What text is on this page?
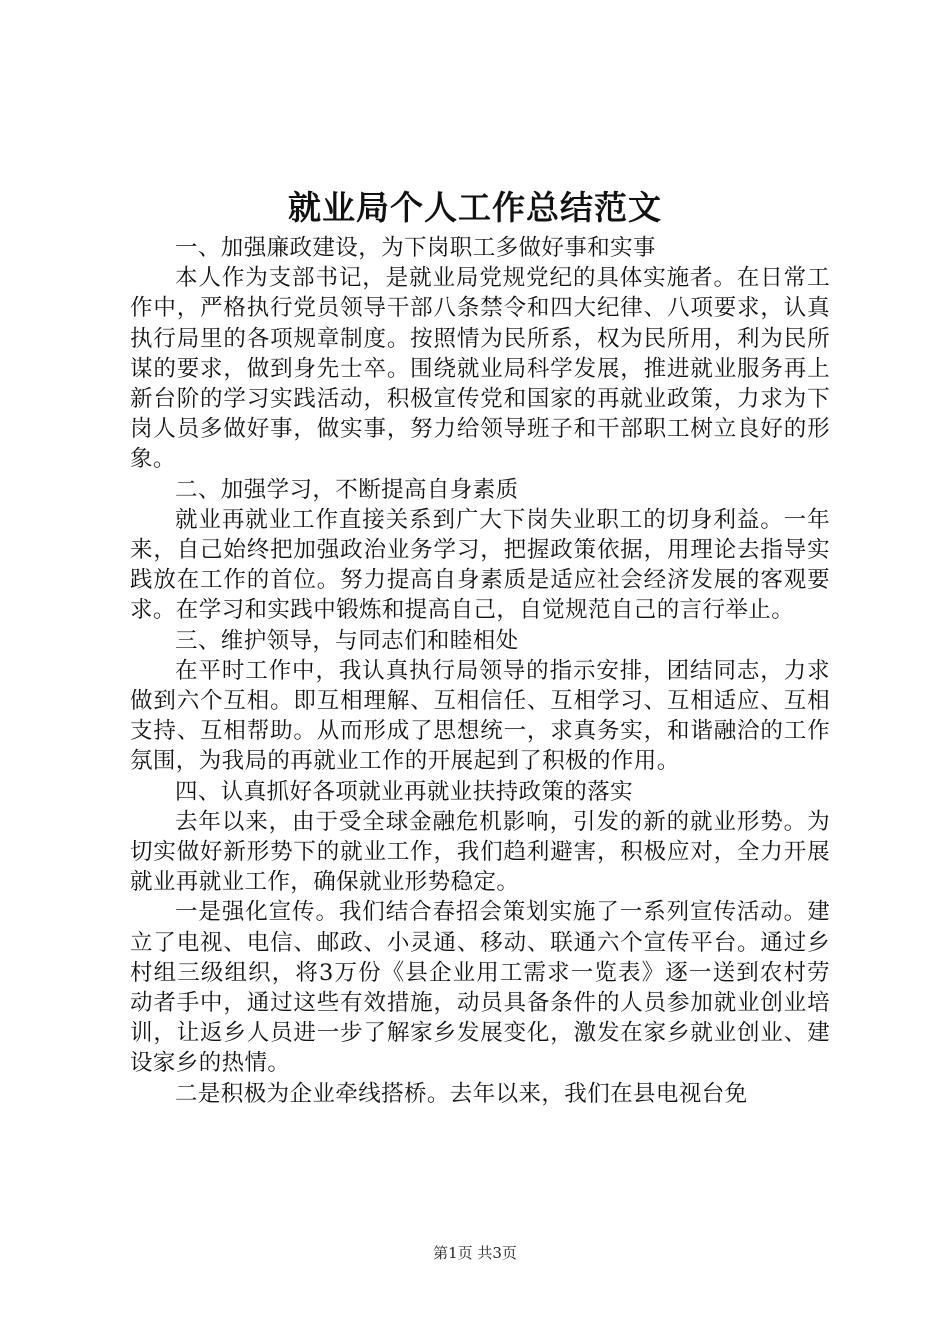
就业局个人工作总结范文

一、加强廉政建设，为下岗职工多做好事和实事

本人作为支部书记，是就业局党规党纪的具体实施者。在日常工作中，严格执行党员领导干部八条禁令和四大纪律、八项要求，认真执行局里的各项规章制度。按照情为民所系，权为民所用，利为民所谋的要求，做到身先士卒。围绕就业局科学发展，推进就业服务再上新台阶的学习实践活动，积极宣传党和国家的再就业政策，力求为下岗人员多做好事，做实事，努力给领导班子和干部职工树立良好的形象。

二、加强学习，不断提高自身素质

就业再就业工作直接关系到广大下岗失业职工的切身利益。一年来，自己始终把加强政治业务学习，把握政策依据，用理论去指导实践放在工作的首位。努力提高自身素质是适应社会经济发展的客观要求。在学习和实践中锻炼和提高自己，自觉规范自己的言行举止。

三、维护领导，与同志们和睦相处

在平时工作中，我认真执行局领导的指示安排，团结同志，力求做到六个互相。即互相理解、互相信任、互相学习、互相适应、互相支持、互相帮助。从而形成了思想统一，求真务实，和谐融洽的工作氛围，为我局的再就业工作的开展起到了积极的作用。

四、认真抓好各项就业再就业扶持政策的落实

去年以来，由于受全球金融危机影响，引发的新的就业形势。为切实做好新形势下的就业工作，我们趋利避害，积极应对，全力开展就业再就业工作，确保就业形势稳定。

一是强化宣传。我们结合春招会策划实施了一系列宣传活动。建立了电视、电信、邮政、小灵通、移动、联通六个宣传平台。通过乡村组三级组织，将3万份《县企业用工需求一览表》逐一送到农村劳动者手中，通过这些有效措施，动员具备条件的人员参加就业创业培训，让返乡人员进一步了解家乡发展变化，激发在家乡就业创业、建设家乡的热情。

二是积极为企业牵线搭桥。去年以来，我们在县电视台免

第1页 共3页
